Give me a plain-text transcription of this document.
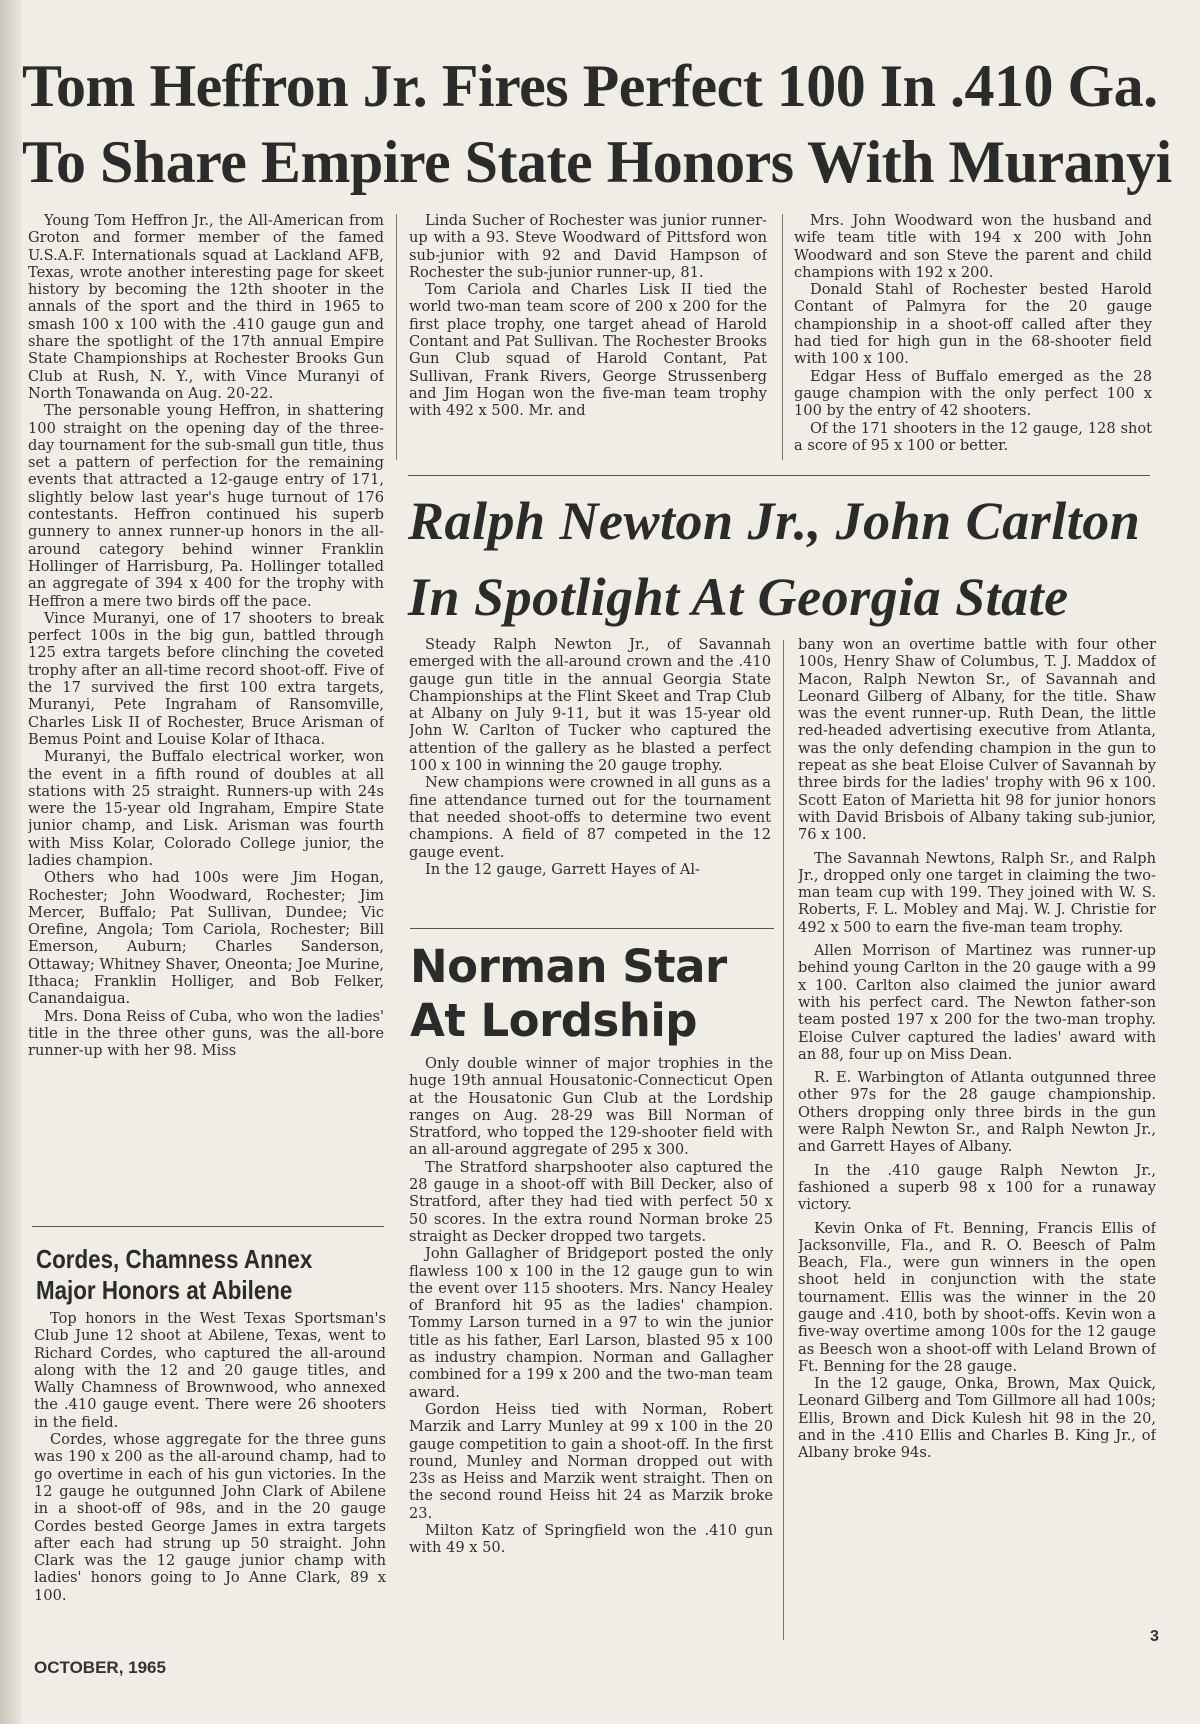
Tom Heffron Jr. Fires Perfect 100 In .410 Ga.
To Share Empire State Honors With Muranyi

Young Tom Heffron Jr., the All-American from Groton and former member of the famed U.S.A.F. Internationals squad at Lackland AFB, Texas, wrote another interesting page for skeet history by becoming the 12th shooter in the annals of the sport and the third in 1965 to smash 100 x 100 with the .410 gauge gun and share the spotlight of the 17th annual Empire State Championships at Rochester Brooks Gun Club at Rush, N. Y., with Vince Muranyi of North Tonawanda on Aug. 20-22.

The personable young Heffron, in shattering 100 straight on the opening day of the three-day tournament for the sub-small gun title, thus set a pattern of perfection for the remaining events that attracted a 12-gauge entry of 171, slightly below last year's huge turnout of 176 contestants. Heffron continued his superb gunnery to annex runner-up honors in the all-around category behind winner Franklin Hollinger of Harrisburg, Pa. Hollinger totalled an aggregate of 394 x 400 for the trophy with Heffron a mere two birds off the pace.

Vince Muranyi, one of 17 shooters to break perfect 100s in the big gun, battled through 125 extra targets before clinching the coveted trophy after an all-time record shoot-off. Five of the 17 survived the first 100 extra targets, Muranyi, Pete Ingraham of Ransomville, Charles Lisk II of Rochester, Bruce Arisman of Bemus Point and Louise Kolar of Ithaca.

Muranyi, the Buffalo electrical worker, won the event in a fifth round of doubles at all stations with 25 straight. Runners-up with 24s were the 15-year old Ingraham, Empire State junior champ, and Lisk. Arisman was fourth with Miss Kolar, Colorado College junior, the ladies champion.

Others who had 100s were Jim Hogan, Rochester; John Woodward, Rochester; Jim Mercer, Buffalo; Pat Sullivan, Dundee; Vic Orefine, Angola; Tom Cariola, Rochester; Bill Emerson, Auburn; Charles Sanderson, Ottaway; Whitney Shaver, Oneonta; Joe Murine, Ithaca; Franklin Holliger, and Bob Felker, Canandaigua.

Mrs. Dona Reiss of Cuba, who won the ladies' title in the three other guns, was the all-bore runner-up with her 98. Miss

Linda Sucher of Rochester was junior runner-up with a 93. Steve Woodward of Pittsford won sub-junior with 92 and David Hampson of Rochester the sub-junior runner-up, 81.

Tom Cariola and Charles Lisk II tied the world two-man team score of 200 x 200 for the first place trophy, one target ahead of Harold Contant and Pat Sullivan. The Rochester Brooks Gun Club squad of Harold Contant, Pat Sullivan, Frank Rivers, George Strussenberg and Jim Hogan won the five-man team trophy with 492 x 500. Mr. and

Mrs. John Woodward won the husband and wife team title with 194 x 200 with John Woodward and son Steve the parent and child champions with 192 x 200.

Donald Stahl of Rochester bested Harold Contant of Palmyra for the 20 gauge championship in a shoot-off called after they had tied for high gun in the 68-shooter field with 100 x 100.

Edgar Hess of Buffalo emerged as the 28 gauge champion with the only perfect 100 x 100 by the entry of 42 shooters.

Of the 171 shooters in the 12 gauge, 128 shot a score of 95 x 100 or better.

Ralph Newton Jr., John Carlton
In Spotlight At Georgia State

Steady Ralph Newton Jr., of Savannah emerged with the all-around crown and the .410 gauge gun title in the annual Georgia State Championships at the Flint Skeet and Trap Club at Albany on July 9-11, but it was 15-year old John W. Carlton of Tucker who captured the attention of the gallery as he blasted a perfect 100 x 100 in winning the 20 gauge trophy.

New champions were crowned in all guns as a fine attendance turned out for the tournament that needed shoot-offs to determine two event champions. A field of 87 competed in the 12 gauge event.

In the 12 gauge, Garrett Hayes of Al-

Norman Star
At Lordship

Only double winner of major trophies in the huge 19th annual Housatonic-Connecticut Open at the Housatonic Gun Club at the Lordship ranges on Aug. 28-29 was Bill Norman of Stratford, who topped the 129-shooter field with an all-around aggregate of 295 x 300.

The Stratford sharpshooter also captured the 28 gauge in a shoot-off with Bill Decker, also of Stratford, after they had tied with perfect 50 x 50 scores. In the extra round Norman broke 25 straight as Decker dropped two targets.

John Gallagher of Bridgeport posted the only flawless 100 x 100 in the 12 gauge gun to win the event over 115 shooters. Mrs. Nancy Healey of Branford hit 95 as the ladies' champion. Tommy Larson turned in a 97 to win the junior title as his father, Earl Larson, blasted 95 x 100 as industry champion. Norman and Gallagher combined for a 199 x 200 and the two-man team award.

Gordon Heiss tied with Norman, Robert Marzik and Larry Munley at 99 x 100 in the 20 gauge competition to gain a shoot-off. In the first round, Munley and Norman dropped out with 23s as Heiss and Marzik went straight. Then on the second round Heiss hit 24 as Marzik broke 23.

Milton Katz of Springfield won the .410 gun with 49 x 50.

bany won an overtime battle with four other 100s, Henry Shaw of Columbus, T. J. Maddox of Macon, Ralph Newton Sr., of Savannah and Leonard Gilberg of Albany, for the title. Shaw was the event runner-up. Ruth Dean, the little red-headed advertising executive from Atlanta, was the only defending champion in the gun to repeat as she beat Eloise Culver of Savannah by three birds for the ladies' trophy with 96 x 100. Scott Eaton of Marietta hit 98 for junior honors with David Brisbois of Albany taking sub-junior, 76 x 100.

The Savannah Newtons, Ralph Sr., and Ralph Jr., dropped only one target in claiming the two-man team cup with 199. They joined with W. S. Roberts, F. L. Mobley and Maj. W. J. Christie for 492 x 500 to earn the five-man team trophy.

Allen Morrison of Martinez was runner-up behind young Carlton in the 20 gauge with a 99 x 100. Carlton also claimed the junior award with his perfect card. The Newton father-son team posted 197 x 200 for the two-man trophy. Eloise Culver captured the ladies' award with an 88, four up on Miss Dean.

R. E. Warbington of Atlanta outgunned three other 97s for the 28 gauge championship. Others dropping only three birds in the gun were Ralph Newton Sr., and Ralph Newton Jr., and Garrett Hayes of Albany.

In the .410 gauge Ralph Newton Jr., fashioned a superb 98 x 100 for a runaway victory.

Kevin Onka of Ft. Benning, Francis Ellis of Jacksonville, Fla., and R. O. Beesch of Palm Beach, Fla., were gun winners in the open shoot held in conjunction with the state tournament. Ellis was the winner in the 20 gauge and .410, both by shoot-offs. Kevin won a five-way overtime among 100s for the 12 gauge as Beesch won a shoot-off with Leland Brown of Ft. Benning for the 28 gauge.

In the 12 gauge, Onka, Brown, Max Quick, Leonard Gilberg and Tom Gillmore all had 100s; Ellis, Brown and Dick Kulesh hit 98 in the 20, and in the .410 Ellis and Charles B. King Jr., of Albany broke 94s.

Cordes, Chamness Annex
Major Honors at Abilene

Top honors in the West Texas Sportsman's Club June 12 shoot at Abilene, Texas, went to Richard Cordes, who captured the all-around along with the 12 and 20 gauge titles, and Wally Chamness of Brownwood, who annexed the .410 gauge event. There were 26 shooters in the field.

Cordes, whose aggregate for the three guns was 190 x 200 as the all-around champ, had to go overtime in each of his gun victories. In the 12 gauge he outgunned John Clark of Abilene in a shoot-off of 98s, and in the 20 gauge Cordes bested George James in extra targets after each had strung up 50 straight. John Clark was the 12 gauge junior champ with ladies' honors going to Jo Anne Clark, 89 x 100.

OCTOBER, 1965
3
